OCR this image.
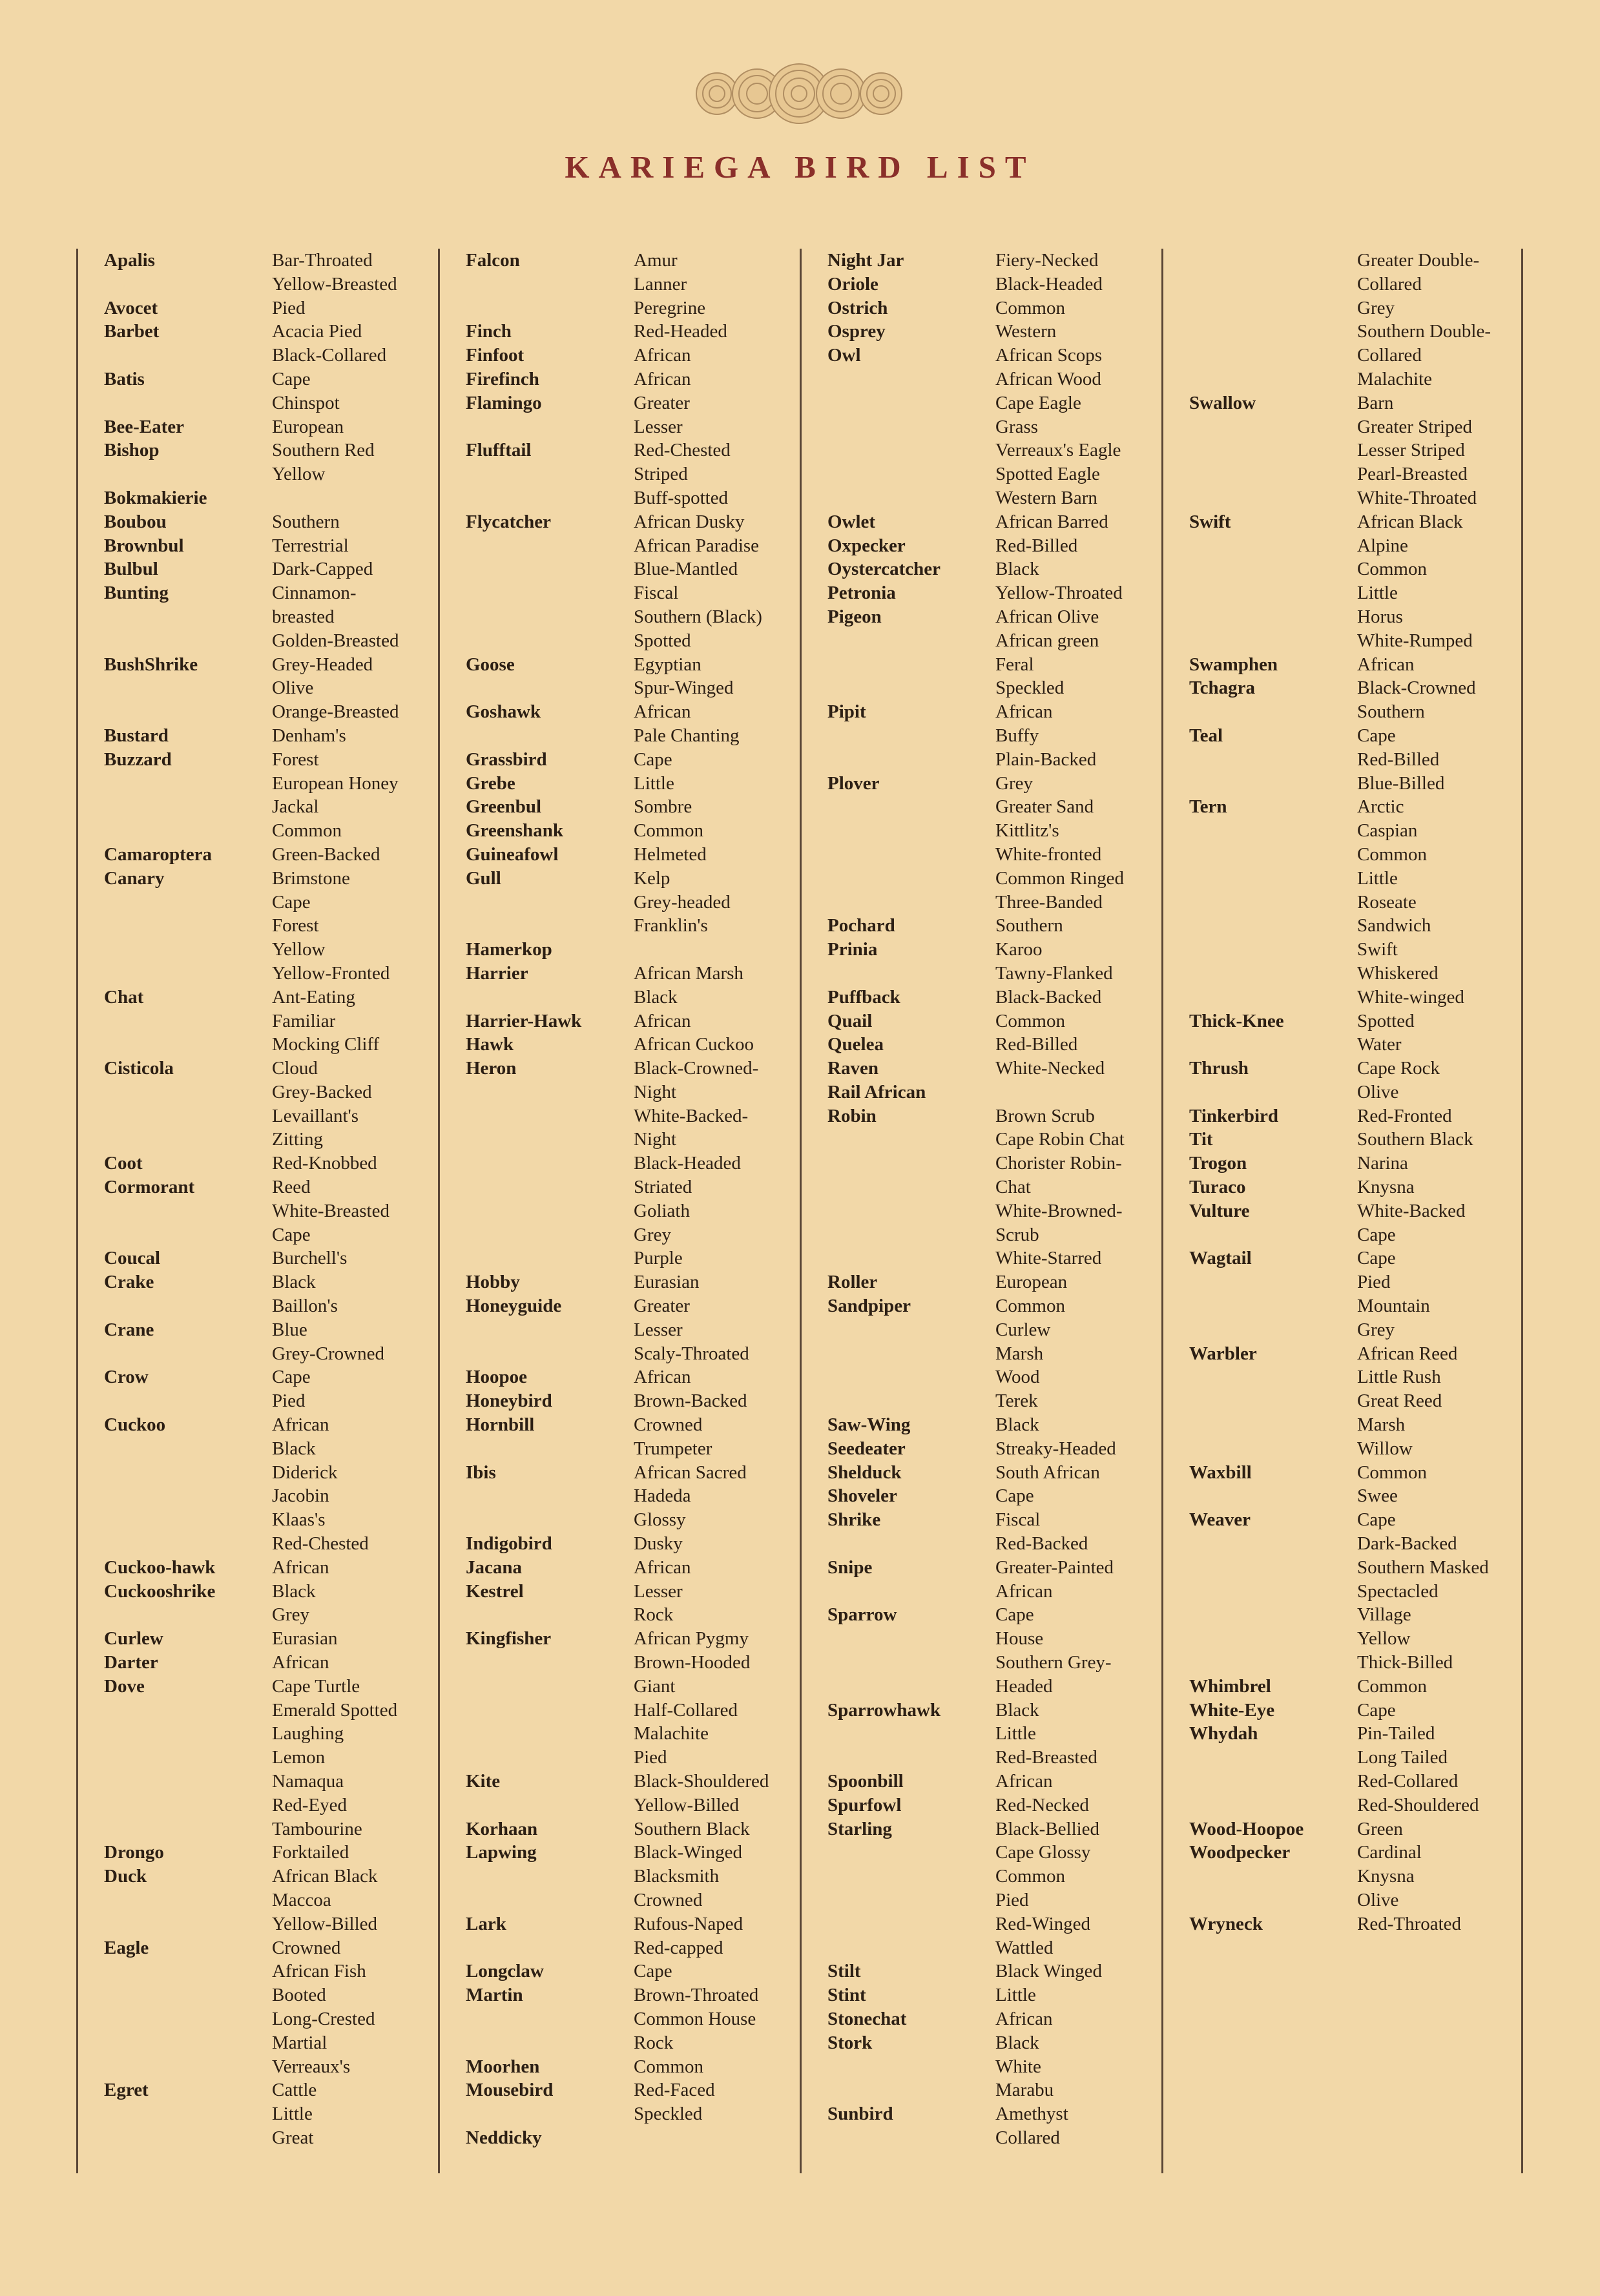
KARIEGA BIRD LIST
Apalis	Bar-Throated
Yellow-Breasted
Avocet	Pied
Barbet	Acacia Pied
Black-Collared
Batis	Cape
Chinspot
Bee-Eater	European
Bishop	Southern Red
Yellow
Bokmakierie
Boubou	Southern
Brownbul	Terrestrial
Bulbul	Dark-Capped
Bunting	Cinnamon-
breasted
Golden-Breasted
BushShrike	Grey-Headed
Olive
Orange-Breasted
Bustard	Denham's
Buzzard	Forest
European Honey
Jackal
Common
Camaroptera	Green-Backed
Canary	Brimstone
Cape
Forest
Yellow
Yellow-Fronted
Chat	Ant-Eating
Familiar
Mocking Cliff
Cisticola	Cloud
Grey-Backed
Levaillant's
Zitting
Coot	Red-Knobbed
Cormorant	Reed
White-Breasted
Cape
Coucal	Burchell's
Crake	Black
Baillon's
Crane	Blue
Grey-Crowned
Crow	Cape
Pied
Cuckoo	African
Black
Diderick
Jacobin
Klaas's
Red-Chested
Cuckoo-hawk	African
Cuckooshrike	Black
Grey
Curlew	Eurasian
Darter	African
Dove	Cape Turtle
Emerald Spotted
Laughing
Lemon
Namaqua
Red-Eyed
Tambourine
Drongo	Forktailed
Duck	African Black
Maccoa
Yellow-Billed
Eagle	Crowned
African Fish
Booted
Long-Crested
Martial
Verreaux's
Egret	Cattle
Little
Great
Falcon	Amur
Lanner
Peregrine
Finch	Red-Headed
Finfoot	African
Firefinch	African
Flamingo	Greater
Lesser
Flufftail	Red-Chested
Striped
Buff-spotted
Flycatcher	African Dusky
African Paradise
Blue-Mantled
Fiscal
Southern (Black)
Spotted
Goose	Egyptian
Spur-Winged
Goshawk	African
Pale Chanting
Grassbird	Cape
Grebe	Little
Greenbul	Sombre
Greenshank	Common
Guineafowl	Helmeted
Gull	Kelp
Grey-headed
Franklin's
Hamerkop
Harrier	African Marsh
Black
Harrier-Hawk	African
Hawk	African Cuckoo
Heron	Black-Crowned-
Night
White-Backed-
Night
Black-Headed
Striated
Goliath
Grey
Purple
Hobby	Eurasian
Honeyguide	Greater
Lesser
Scaly-Throated
Hoopoe	African
Honeybird	Brown-Backed
Hornbill	Crowned
Trumpeter
Ibis	African Sacred
Hadeda
Glossy
Indigobird	Dusky
Jacana	African
Kestrel	Lesser
Rock
Kingfisher	African Pygmy
Brown-Hooded
Giant
Half-Collared
Malachite
Pied
Kite	Black-Shouldered
Yellow-Billed
Korhaan	Southern Black
Lapwing	Black-Winged
Blacksmith
Crowned
Lark	Rufous-Naped
Red-capped
Longclaw	Cape
Martin	Brown-Throated
Common House
Rock
Moorhen	Common
Mousebird	Red-Faced
Speckled
Neddicky
Night Jar	Fiery-Necked
Oriole	Black-Headed
Ostrich	Common
Osprey	Western
Owl	African Scops
African Wood
Cape Eagle
Grass
Verreaux's Eagle
Spotted Eagle
Western Barn
Owlet	African Barred
Oxpecker	Red-Billed
Oystercatcher	Black
Petronia	Yellow-Throated
Pigeon	African Olive
African green
Feral
Speckled
Pipit	African
Buffy
Plain-Backed
Plover	Grey
Greater Sand
Kittlitz's
White-fronted
Common Ringed
Three-Banded
Pochard	Southern
Prinia	Karoo
Tawny-Flanked
Puffback	Black-Backed
Quail	Common
Quelea	Red-Billed
Raven	White-Necked
Rail African
Robin	Brown Scrub
Cape Robin Chat
Chorister Robin-
Chat
White-Browned-
Scrub
White-Starred
Roller	European
Sandpiper	Common
Curlew
Marsh
Wood
Terek
Saw-Wing	Black
Seedeater	Streaky-Headed
Shelduck	South African
Shoveler	Cape
Shrike	Fiscal
Red-Backed
Snipe	Greater-Painted
African
Sparrow	Cape
House
Southern Grey-
Headed
Sparrowhawk	Black
Little
Red-Breasted
Spoonbill	African
Spurfowl	Red-Necked
Starling	Black-Bellied
Cape Glossy
Common
Pied
Red-Winged
Wattled
Stilt	Black Winged
Stint	Little
Stonechat	African
Stork	Black
White
Marabu
Sunbird	Amethyst
Collared
Greater Double-
Collared
Grey
Southern Double-
Collared
Malachite
Swallow	Barn
Greater Striped
Lesser Striped
Pearl-Breasted
White-Throated
Swift	African Black
Alpine
Common
Little
Horus
White-Rumped
Swamphen	African
Tchagra	Black-Crowned
Southern
Teal	Cape
Red-Billed
Blue-Billed
Tern	Arctic
Caspian
Common
Little
Roseate
Sandwich
Swift
Whiskered
White-winged
Thick-Knee	Spotted
Water
Thrush	Cape Rock
Olive
Tinkerbird	Red-Fronted
Tit	Southern Black
Trogon	Narina
Turaco	Knysna
Vulture	White-Backed
Cape
Wagtail	Cape
Pied
Mountain
Grey
Warbler	African Reed
Little Rush
Great Reed
Marsh
Willow
Waxbill	Common
Swee
Weaver	Cape
Dark-Backed
Southern Masked
Spectacled
Village
Yellow
Thick-Billed
Whimbrel	Common
White-Eye	Cape
Whydah	Pin-Tailed
Long Tailed
Red-Collared
Red-Shouldered
Wood-Hoopoe	Green
Woodpecker	Cardinal
Knysna
Olive
Wryneck	Red-Throated
